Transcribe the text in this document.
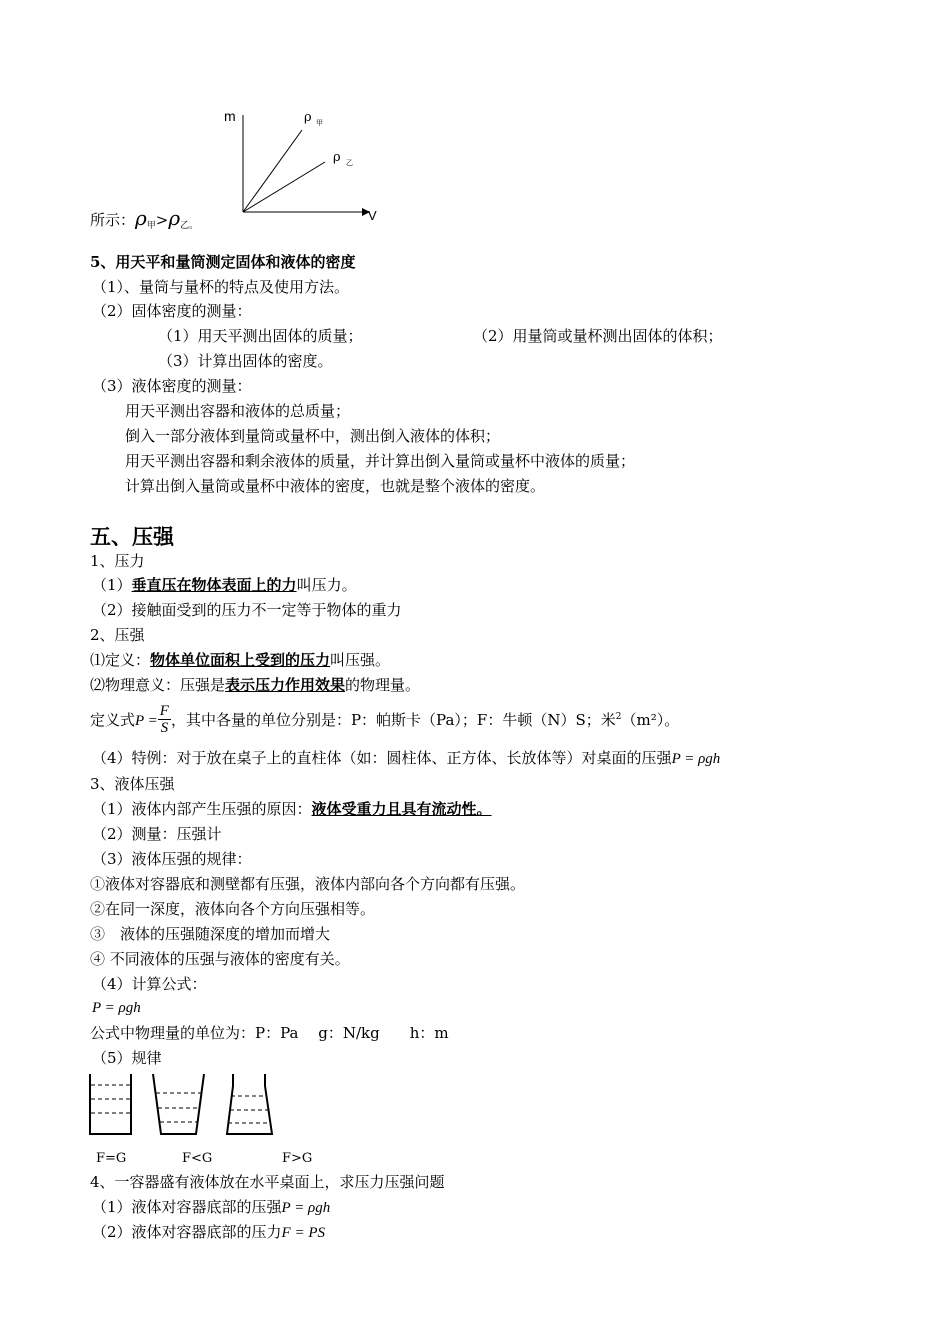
m
V
ρ 甲
ρ 乙
所示：$\rho_甲>\rho_{乙。}$
5、用天平和量筒测定固体和液体的密度
（1）、量筒与量杯的特点及使用方法。
（2）固体密度的测量：
（1）用天平测出固体的质量；	（2）用量筒或量杯测出固体的体积；
（3）计算出固体的密度。
（3）液体密度的测量：
用天平测出容器和液体的总质量；
倒入一部分液体到量筒或量杯中，测出倒入液体的体积；
用天平测出容器和剩余液体的质量，并计算出倒入量筒或量杯中液体的质量；
计算出倒入量筒或量杯中液体的密度，也就是整个液体的密度。
五、压强
1、压力
（1）垂直压在物体表面上的力叫压力。
（2）接触面受到的压力不一定等于物体的重力
2、压强
⑴定义：物体单位面积上受到的压力叫压强。
⑵物理意义：压强是表示压力作用效果的物理量。
定义式$P = \frac{F}{S}$ ，其中各量的单位分别是：P：帕斯卡（Pa）；F：牛顿（N）S；米$^2$（m²）。
（4）特例：对于放在桌子上的直柱体（如：圆柱体、正方体、长放体等）对桌面的压强P = ρgh
3、液体压强
（1）液体内部产生压强的原因：液体受重力且具有流动性。
（2）测量：压强计
（3）液体压强的规律：
①液体对容器底和测壁都有压强，液体内部向各个方向都有压强。
②在同一深度，液体向各个方向压强相等。
③　液体的压强随深度的增加而增大
④ 不同液体的压强与液体的密度有关。
（4）计算公式：
P = ρgh
公式中物理量的单位为：P：Pa　 g：N/kg　　h：m
（5）规律
F=G	F<G	F>G
4、一容器盛有液体放在水平桌面上，求压力压强问题
（1）液体对容器底部的压强P = ρgh
（2）液体对容器底部的压力F = PS
